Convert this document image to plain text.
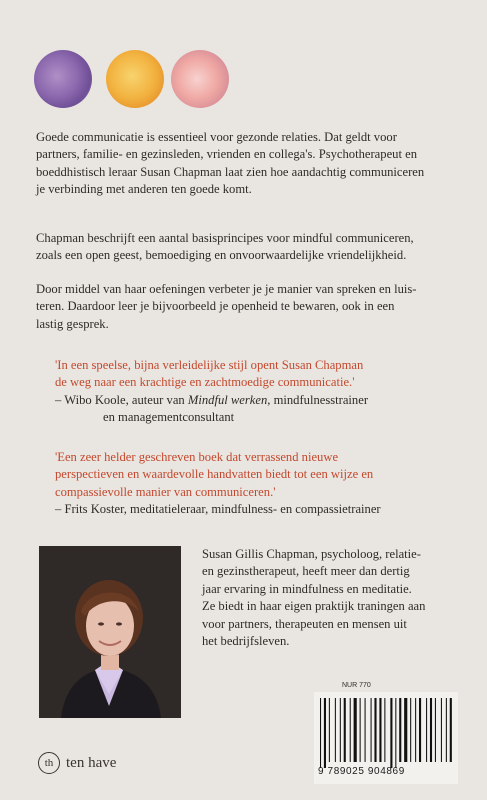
Goede communicatie is essentieel voor gezonde relaties. Dat geldt voor
partners, familie- en gezinsleden, vrienden en collega's. Psychotherapeut en
boeddhistisch leraar Susan Chapman laat zien hoe aandachtig communiceren
je verbinding met anderen ten goede komt.

Chapman beschrijft een aantal basisprincipes voor mindful communiceren,
zoals een open geest, bemoediging en onvoorwaardelijke vriendelijkheid.

Door middel van haar oefeningen verbeter je je manier van spreken en luis-
teren. Daardoor leer je bijvoorbeeld je openheid te bewaren, ook in een
lastig gesprek.

'In een speelse, bijna verleidelijke stijl opent Susan Chapman
de weg naar een krachtige en zachtmoedige communicatie.'
– Wibo Koole, auteur van Mindful werken, mindfulnesstrainer

en managementconsultant

'Een zeer helder geschreven boek dat verrassend nieuwe
perspectieven en waardevolle handvatten biedt tot een wijze en
compassievolle manier van communiceren.'
– Frits Koster, meditatieleraar, mindfulness- en compassietrainer

Susan Gillis Chapman, psycholoog, relatie-
en gezinstherapeut, heeft meer dan dertig
jaar ervaring in mindfulness en meditatie.
Ze biedt in haar eigen praktijk traningen aan
voor partners, therapeuten en mensen uit
het bedrijfsleven.

NUR 770
9 789025 904869
th ten have
